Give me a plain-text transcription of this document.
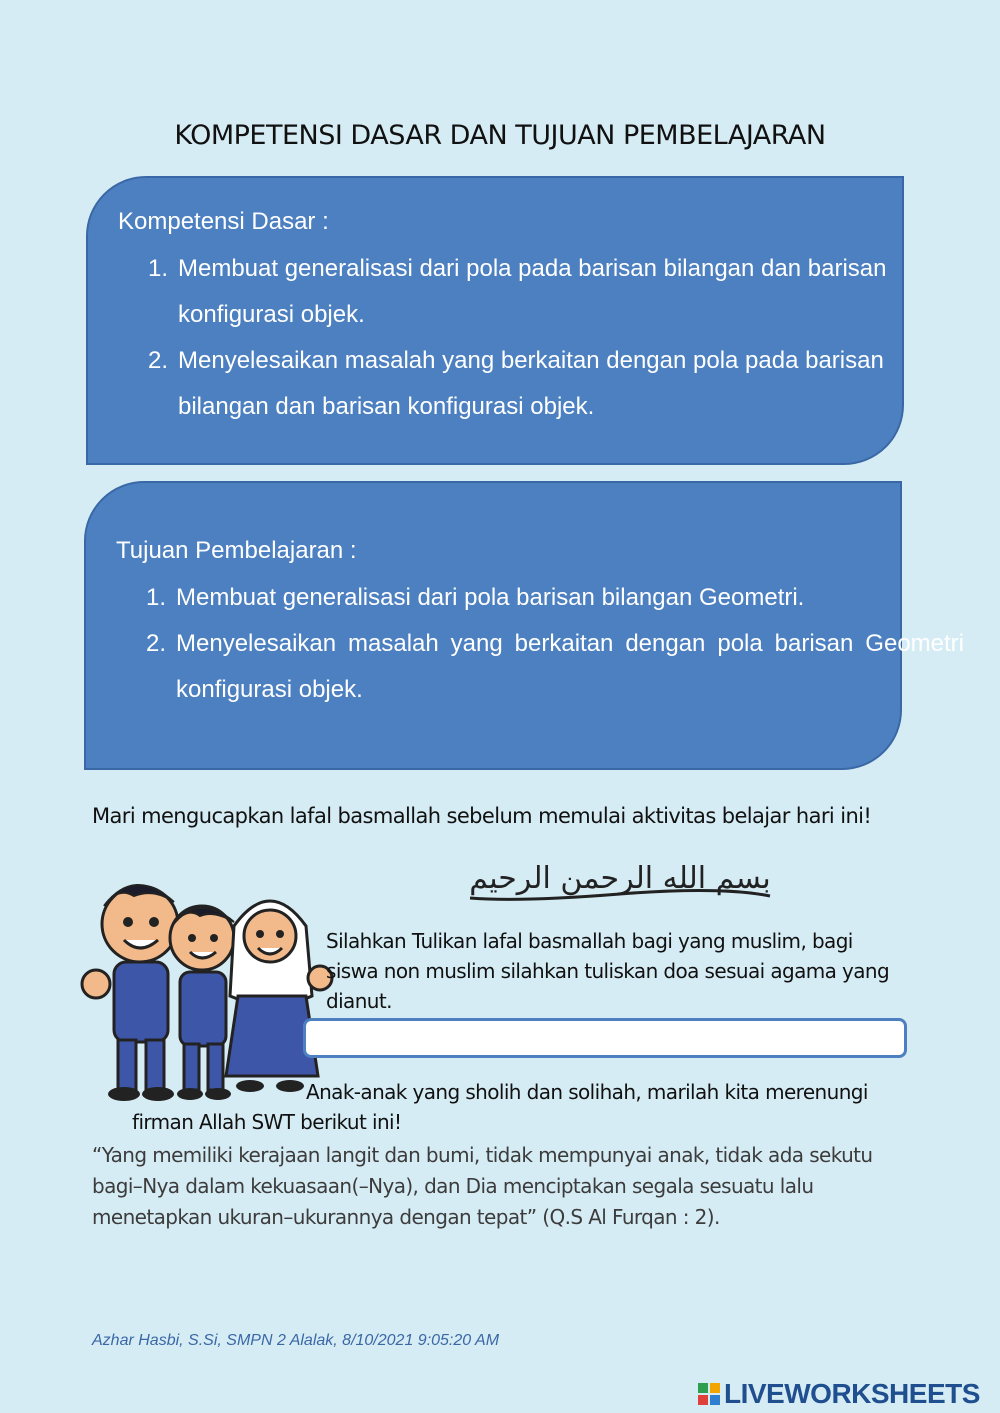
KOMPETENSI DASAR DAN TUJUAN PEMBELAJARAN
Kompetensi Dasar :
Membuat generalisasi dari pola pada barisan bilangan dan barisan konfigurasi objek.
Menyelesaikan masalah yang berkaitan dengan pola pada barisan bilangan dan barisan konfigurasi objek.
Tujuan Pembelajaran :
Membuat generalisasi dari pola barisan bilangan Geometri.
Menyelesaikan masalah yang berkaitan dengan pola barisan Geometri konfigurasi objek.
Mari mengucapkan lafal basmallah sebelum memulai aktivitas belajar hari ini!
بسم الله الرحمن الرحيم
Silahkan Tulikan lafal basmallah bagi yang muslim, bagi siswa non muslim silahkan tuliskan doa sesuai agama yang dianut.
Anak-anak yang sholih dan solihah, marilah kita merenungi
firman Allah SWT berikut ini!
“Yang memiliki kerajaan langit dan bumi, tidak mempunyai anak, tidak ada sekutu bagi–Nya dalam kekuasaan(–Nya), dan Dia menciptakan segala sesuatu lalu menetapkan ukuran–ukurannya dengan tepat” (Q.S Al Furqan : 2).
Azhar Hasbi, S.Si, SMPN 2 Alalak, 8/10/2021 9:05:20 AM
LIVEWORKSHEETS
